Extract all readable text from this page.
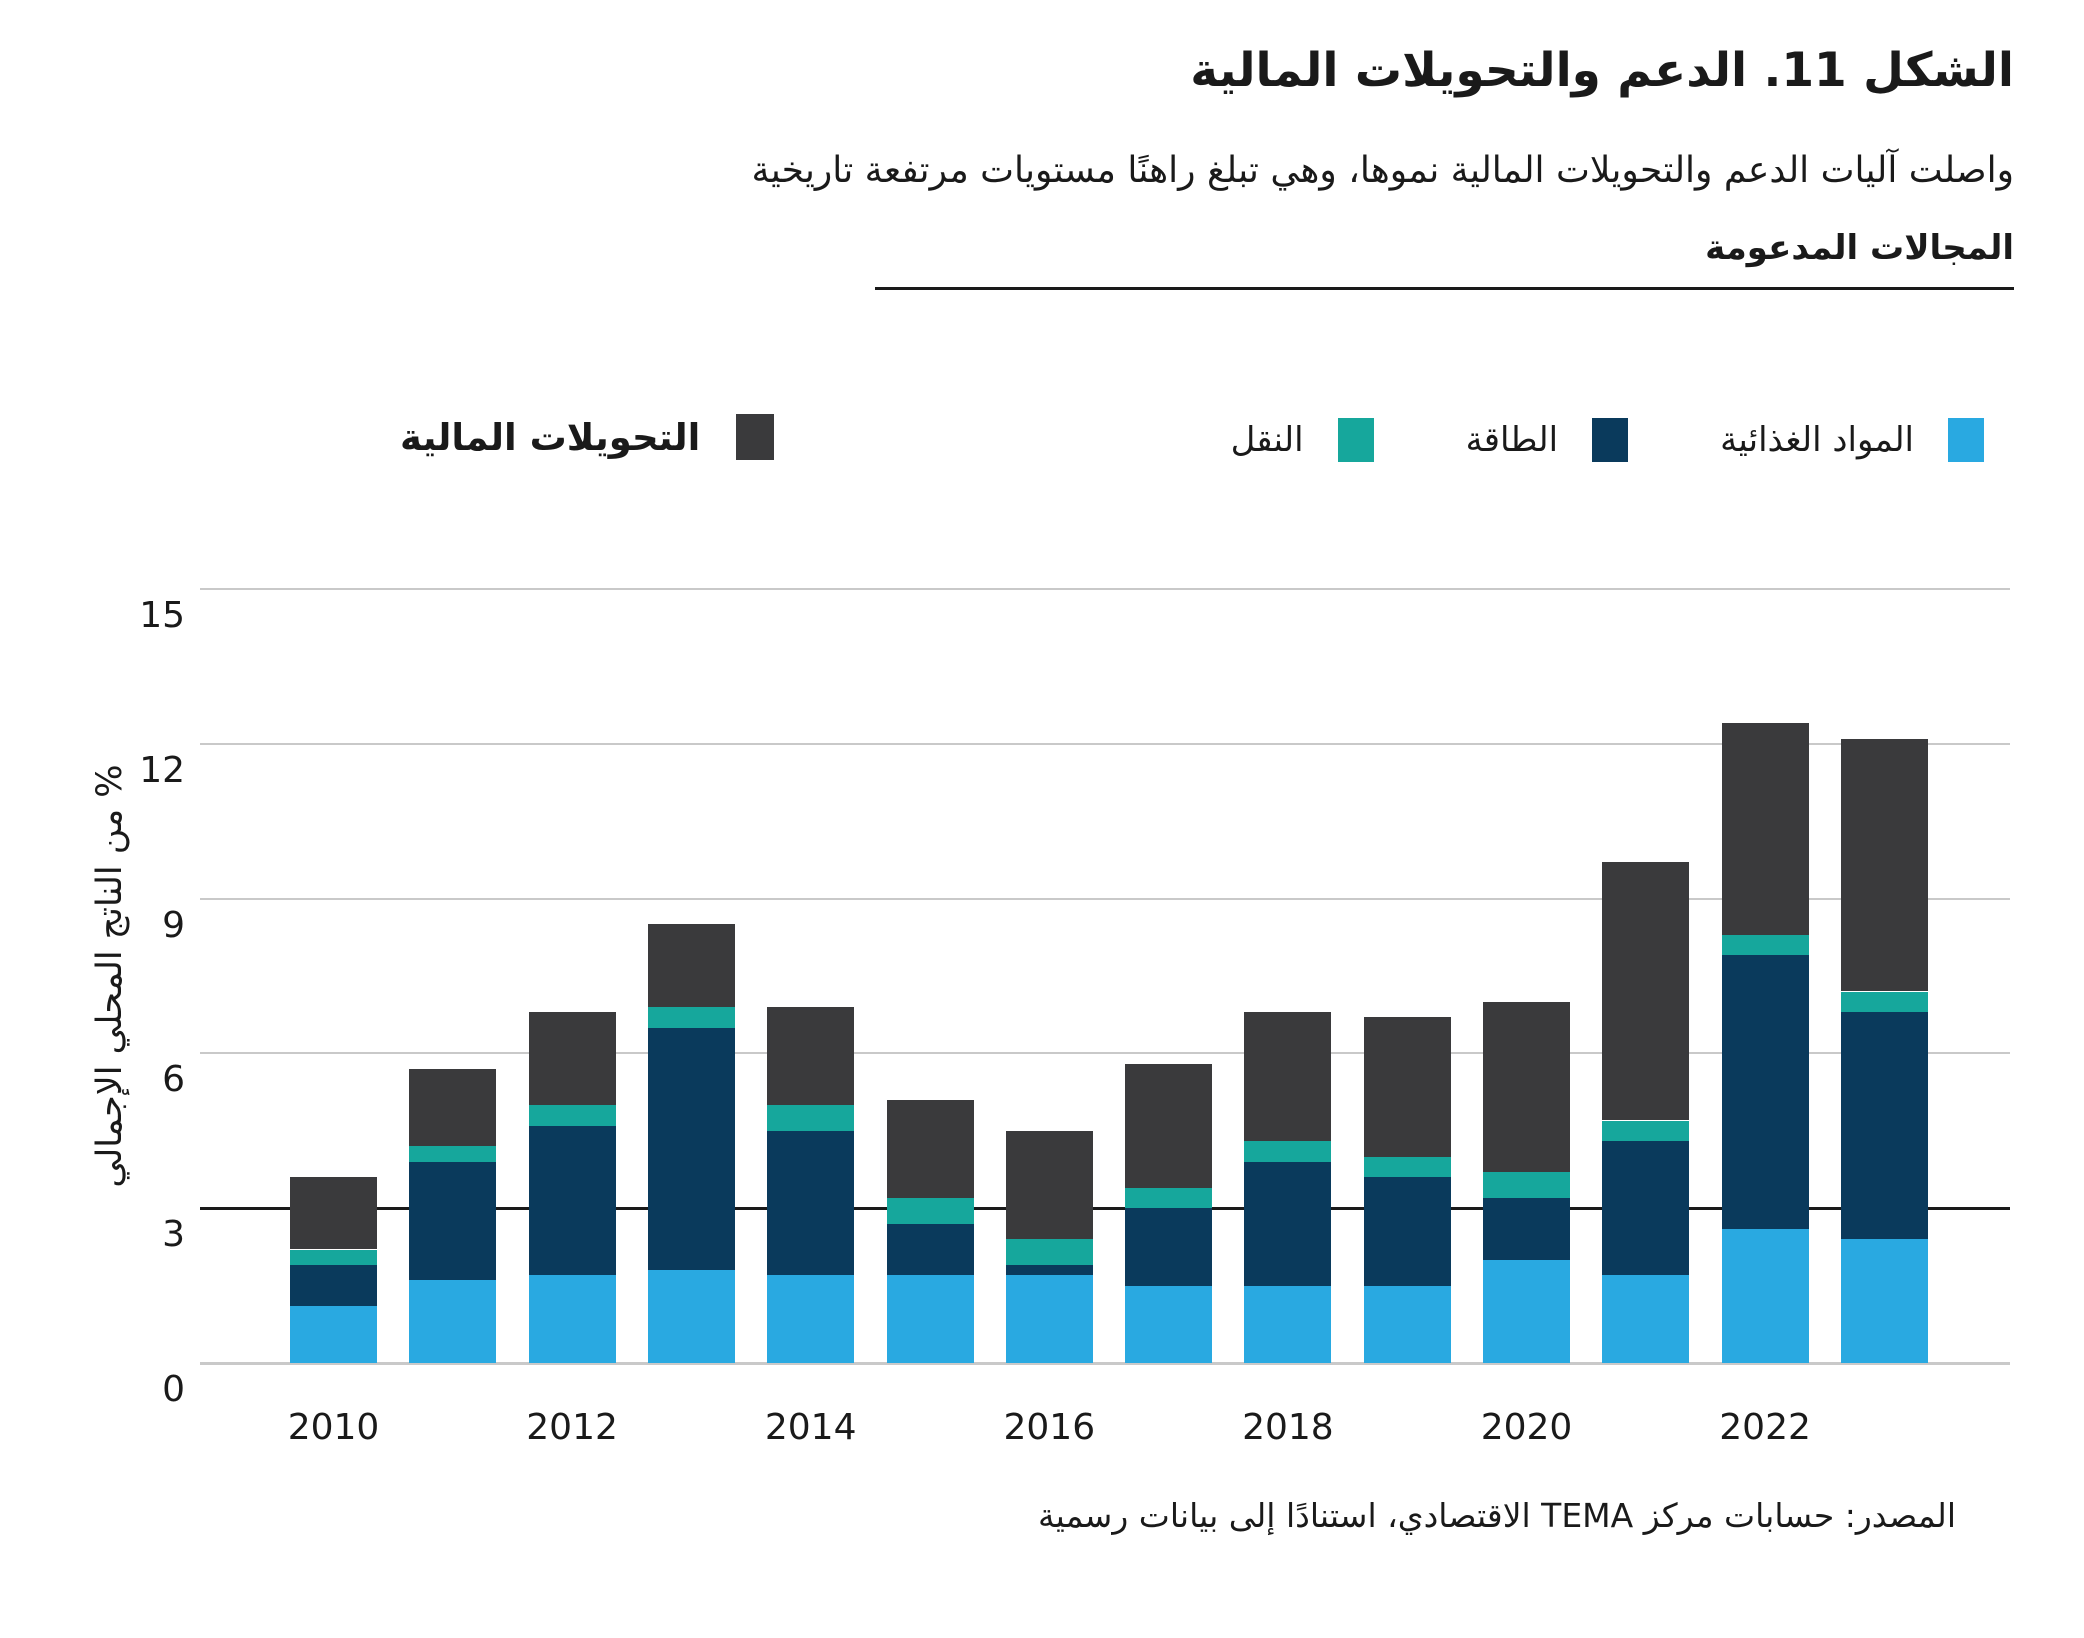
الشكل 11. الدعم والتحويلات المالية
واصلت آليات الدعم والتحويلات المالية نموها، وهي تبلغ راهنًا مستويات مرتفعة تاريخية
المجالات المدعومة
المواد الغذائية
الطاقة
النقل
التحويلات المالية
% من الناتج المحلي الإجمالي
0
3
6
9
12
15
2010	2012	2014	2016	2018	2020	2022
المصدر: حسابات مركز TEMA الاقتصادي، استنادًا إلى بيانات رسمية
